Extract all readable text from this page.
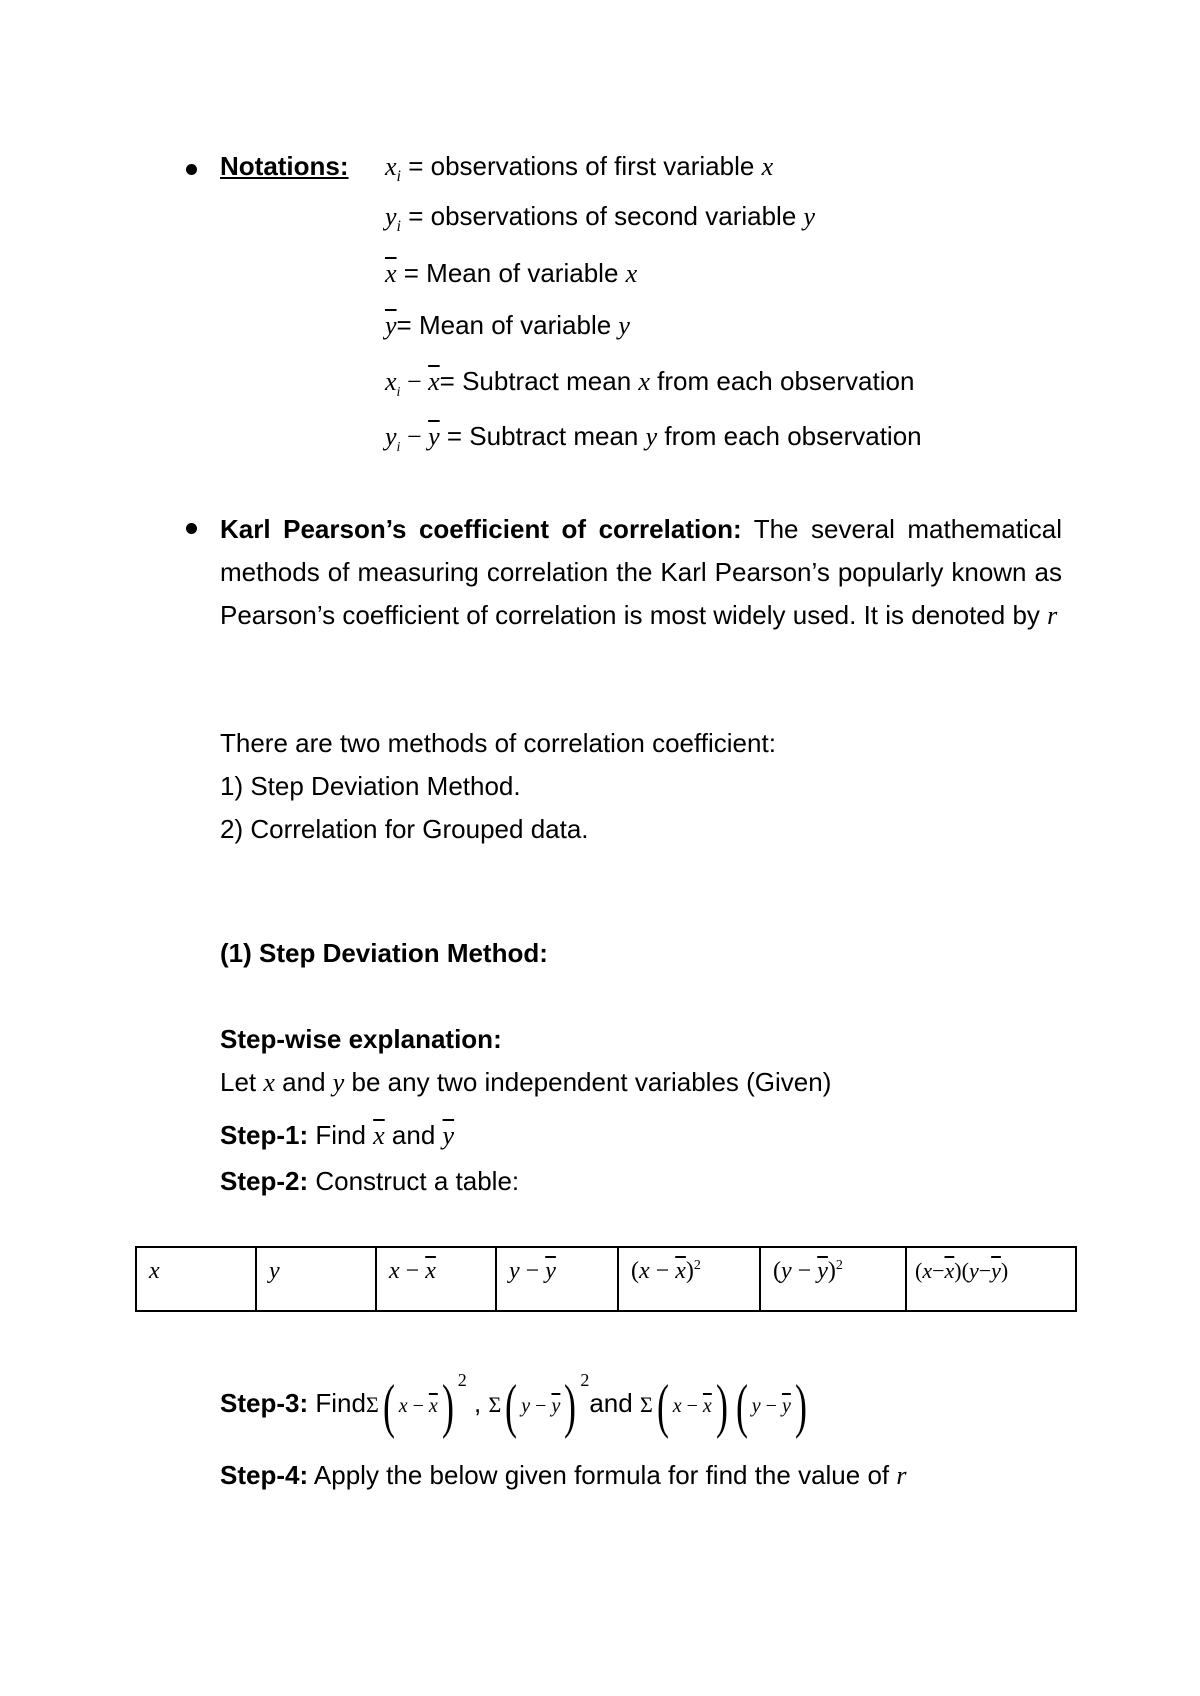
Notations: $x_i$ = observations of first variable x
$y_i$ = observations of second variable y
$\overline{x}$ = Mean of variable x
$\overline{y}=$ Mean of variable y
$x_i - \overline{x}=$ Subtract mean x from each observation
$y_i - \overline{y}$ = Subtract mean y from each observation
Karl Pearson’s coefficient of correlation: The several mathematical methods of measuring correlation the Karl Pearson’s popularly known as Pearson’s coefficient of correlation is most widely used. It is denoted by r
There are two methods of correlation coefficient:
1) Step Deviation Method.
2) Correlation for Grouped data.
(1) Step Deviation Method:
Step-wise explanation:
Let x and y be any two independent variables (Given)
Step-1: Find $\overline{x}$ and $\overline{y}$
Step-2: Construct a table:
x	y	$x - \overline{x}$	$y - \overline{y}$	$(x - \overline{x})^2$	$(y - \overline{y})^2$	$(x-\overline{x})(y-\overline{y})$
Step-3: FindΣ( $x - \overline{x}$) $^2$ , Σ( $y - \overline{y}$) $^2$and Σ( $x - \overline{x}$) ( $y - \overline{y}$)
Step-4: Apply the below given formula for find the value of r
